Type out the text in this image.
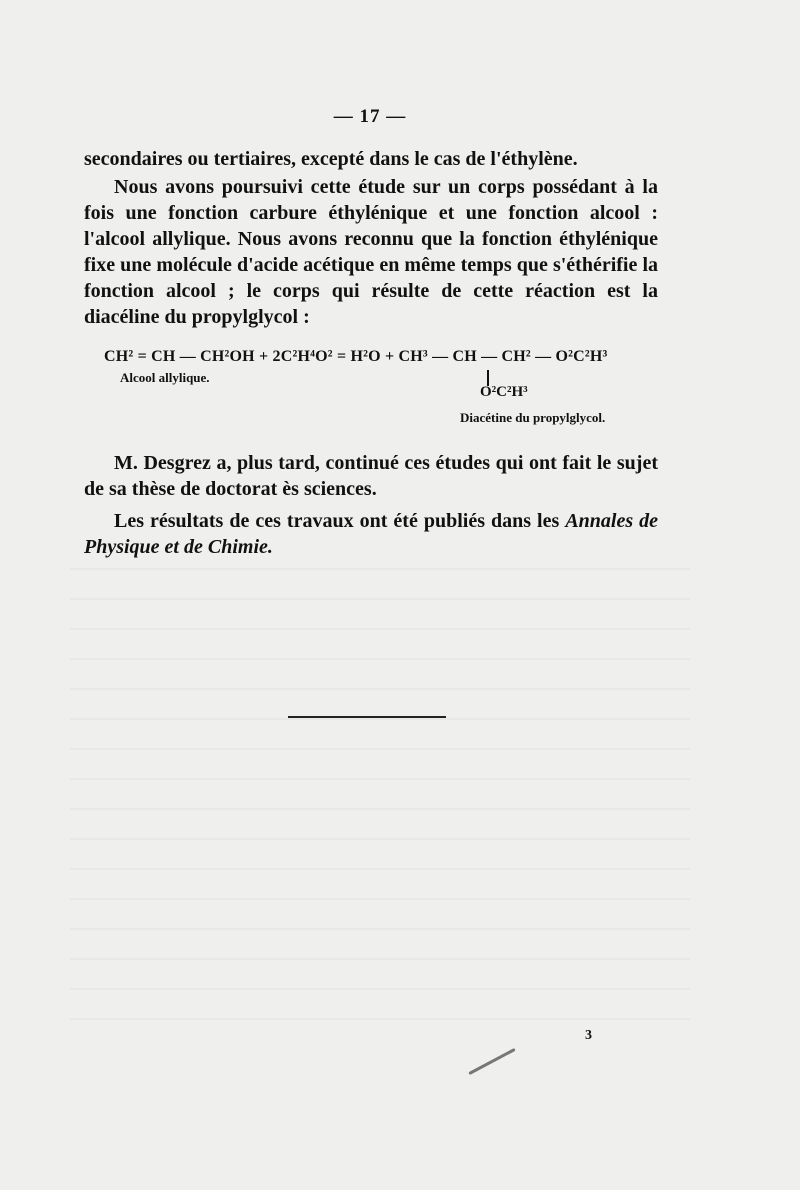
— 17 —

secondaires ou tertiaires, excepté dans le cas de l'éthylène.

Nous avons poursuivi cette étude sur un corps possédant à la fois une fonction carbure éthylénique et une fonction alcool : l'alcool allylique. Nous avons reconnu que la fonction éthylénique fixe une molécule d'acide acétique en même temps que s'éthérifie la fonction alcool ; le corps qui résulte de cette réaction est la diacéline du propylglycol :

CH² = CH — CH²OH + 2C²H⁴O² = H²O + CH³ — CH — CH² — O²C²H³
Alcool allylique.
O²C²H³
Diacétine du propylglycol.

M. Desgrez a, plus tard, continué ces études qui ont fait le sujet de sa thèse de doctorat ès sciences.

Les résultats de ces travaux ont été publiés dans les Annales de Physique et de Chimie.

3
